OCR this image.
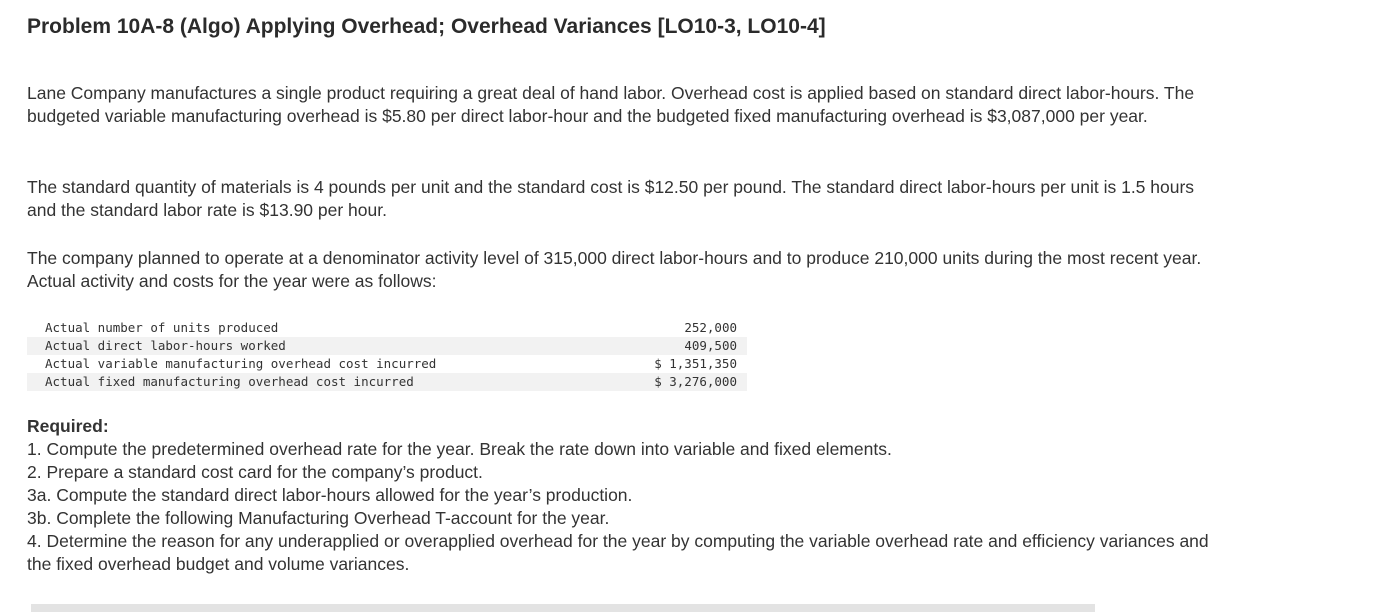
Problem 10A-8 (Algo) Applying Overhead; Overhead Variances [LO10-3, LO10-4]

Lane Company manufactures a single product requiring a great deal of hand labor. Overhead cost is applied based on standard direct labor-hours. The budgeted variable manufacturing overhead is $5.80 per direct labor-hour and the budgeted fixed manufacturing overhead is $3,087,000 per year.

The standard quantity of materials is 4 pounds per unit and the standard cost is $12.50 per pound. The standard direct labor-hours per unit is 1.5 hours and the standard labor rate is $13.90 per hour.

The company planned to operate at a denominator activity level of 315,000 direct labor-hours and to produce 210,000 units during the most recent year. Actual activity and costs for the year were as follows:

Actual number of units produced	252,000
Actual direct labor-hours worked	409,500
Actual variable manufacturing overhead cost incurred	$ 1,351,350
Actual fixed manufacturing overhead cost incurred	$ 3,276,000
Required:
1. Compute the predetermined overhead rate for the year. Break the rate down into variable and fixed elements.
2. Prepare a standard cost card for the company’s product.
3a. Compute the standard direct labor-hours allowed for the year’s production.
3b. Complete the following Manufacturing Overhead T-account for the year.
4. Determine the reason for any underapplied or overapplied overhead for the year by computing the variable overhead rate and efficiency variances and the fixed overhead budget and volume variances.
